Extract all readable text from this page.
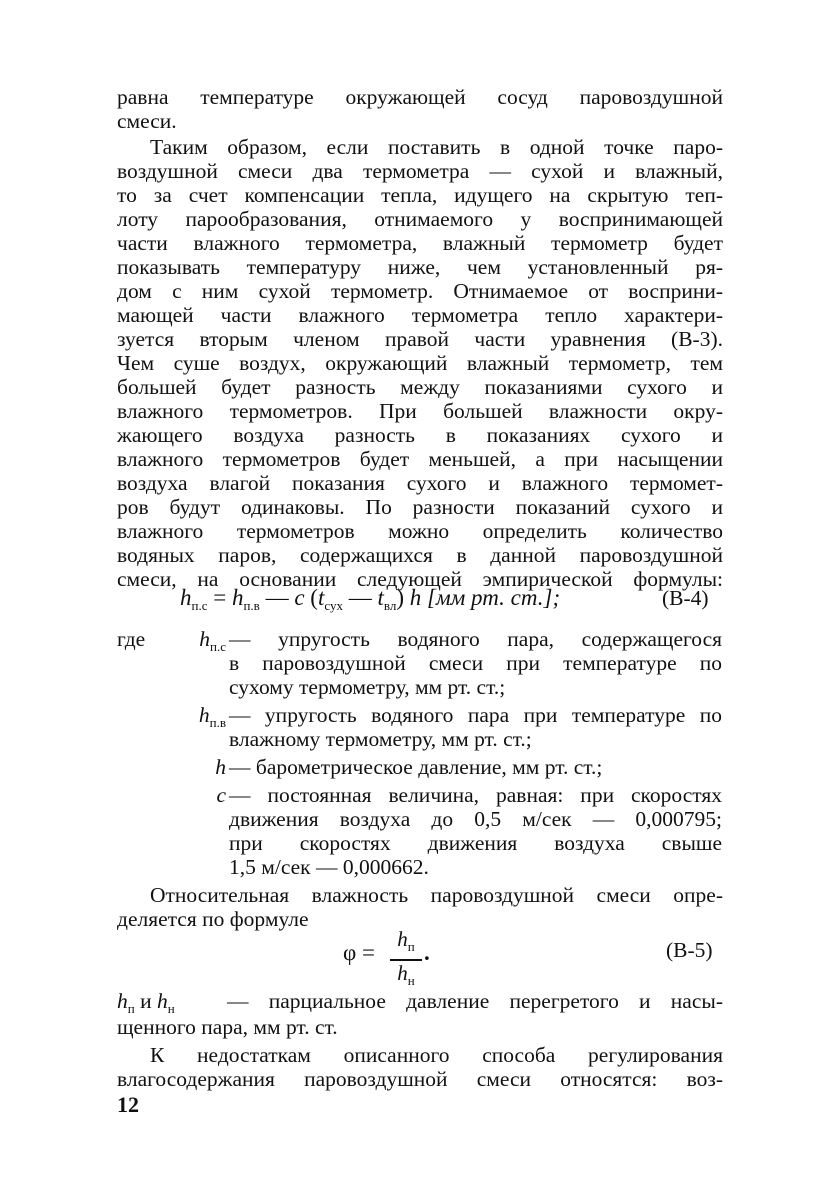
равна температуре окружающей сосуд паровоздушной
смеси.
Таким образом, если поставить в одной точке паро-
воздушной смеси два термометра — сухой и влажный,
то за счет компенсации тепла, идущего на скрытую теп-
лоту парообразования, отнимаемого у воспринимающей
части влажного термометра, влажный термометр будет
показывать температуру ниже, чем установленный ря-
дом с ним сухой термометр. Отнимаемое от восприни-
мающей части влажного термометра тепло характери-
зуется вторым членом правой части уравнения (В-3).
Чем суше воздух, окружающий влажный термометр, тем
большей будет разность между показаниями сухого и
влажного термометров. При большей влажности окру-
жающего воздуха разность в показаниях сухого и
влажного термометров будет меньшей, а при насыщении
воздуха влагой показания сухого и влажного термомет-
ров будут одинаковы. По разности показаний сухого и
влажного термометров можно определить количество
водяных паров, содержащихся в данной паровоздушной
смеси, на основании следующей эмпирической формулы:
$h_{п.с} = h_{п.в}$ — c ($t_{сух}$ — $t_{вл}$) h [мм рт. ст.];	(В-4)
где	$h_{п.с}$ — упругость водяного пара, содержащегося
в паровоздушной смеси при температуре по
сухому термометру, мм рт. ст.;
$h_{п.в}$ — упругость водяного пара при температуре по
влажному термометру, мм рт. ст.;
h — барометрическое давление, мм рт. ст.;
c — постоянная величина, равная: при скоростях
движения воздуха до 0,5 м/сек — 0,000795;
при скоростях движения воздуха свыше
1,5 м/сек — 0,000662.
Относительная влажность паровоздушной смеси опре-
деляется по формуле
φ =
$h_п$
$h_н$
.	(В-5)
$h_п$ и $h_н$	— парциальное давление перегретого и насы-
щенного пара, мм рт. ст.
К недостаткам описанного способа регулирования
влагосодержания паровоздушной смеси относятся: воз-
12
